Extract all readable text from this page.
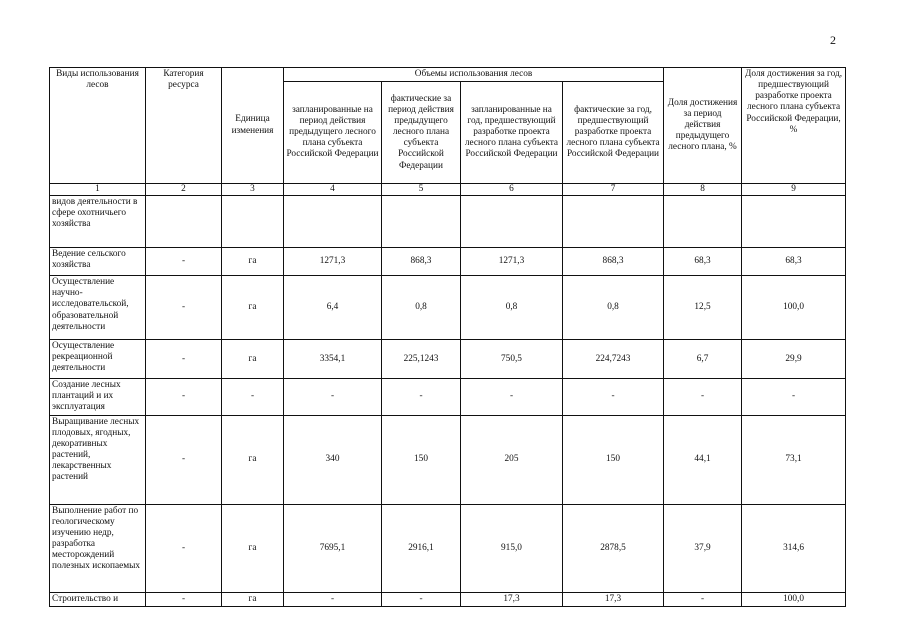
2
Виды использования лесов	Категория ресурса	Единица изменения	Объемы использования лесов				Доля достижения за период действия предыдущего лесного плана, %	Доля достижения за год, предшествующий разработке проекта лесного плана субъекта Российской Федерации, %
			запланированные на период действия предыдущего лесного плана субъекта Российской Федерации	фактические за период действия предыдущего лесного плана субъекта Российской Федерации	запланированные на год, предшествующий разработке проекта лесного плана субъекта Российской Федерации	фактические за год, предшествующий разработке проекта лесного плана субъекта Российской Федерации		
1	2	3	4	5	6	7	8	9
видов деятельности в сфере охотничьего хозяйства								
Ведение сельского хозяйства	-	га	1271,3	868,3	1271,3	868,3	68,3	68,3
Осуществление научно-исследовательской, образовательной деятельности	-	га	6,4	0,8	0,8	0,8	12,5	100,0
Осуществление рекреационной деятельности	-	га	3354,1	225,1243	750,5	224,7243	6,7	29,9
Создание лесных плантаций и их эксплуатация	-	-	-	-	-	-	-	-
Выращивание лесных плодовых, ягодных, декоративных растений, лекарственных растений	-	га	340	150	205	150	44,1	73,1
Выполнение работ по геологическому изучению недр, разработка месторождений полезных ископаемых	-	га	7695,1	2916,1	915,0	2878,5	37,9	314,6
Строительство и	-	га	-	-	17,3	17,3	-	100,0
